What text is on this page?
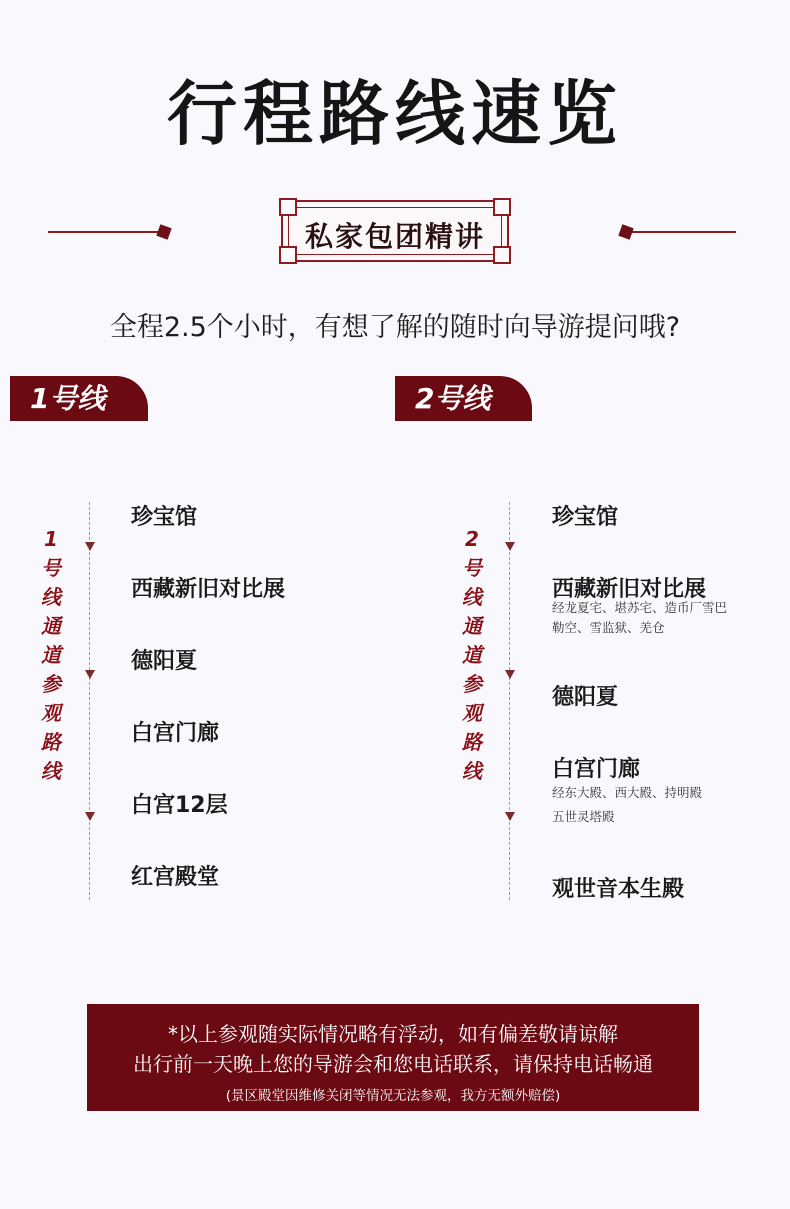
行程路线速览
私家包团精讲
全程2.5个小时，有想了解的随时向导游提问哦?
1号线	2号线
1
号
线
通
道
参
观
路
线
2
号
线
通
道
参
观
路
线
珍宝馆
西藏新旧对比展
德阳夏
白宫门廊
白宫12层
红宫殿堂
珍宝馆
西藏新旧对比展
经龙夏宅、堪苏宅、造币厂雪巴
勒空、雪监狱、羌仓
德阳夏
白宫门廊
经东大殿、西大殿、持明殿
五世灵塔殿
观世音本生殿
*以上参观随实际情况略有浮动，如有偏差敬请谅解
出行前一天晚上您的导游会和您电话联系，请保持电话畅通
(景区殿堂因维修关闭等情况无法参观，我方无额外赔偿)
